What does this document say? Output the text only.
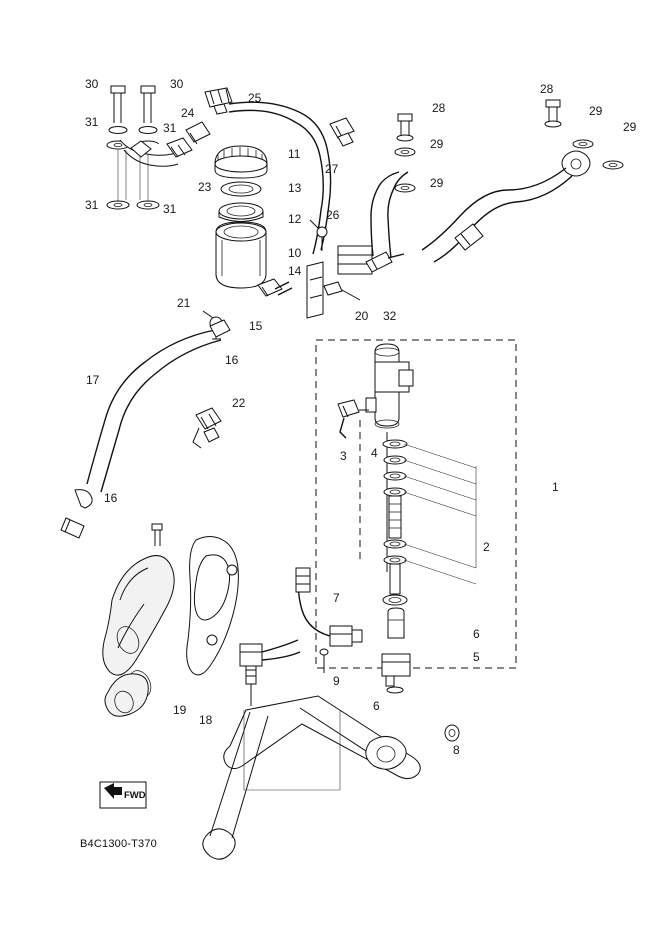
30	30
31	31
24
25
28
28
29
29
29
29
11
27
13
23
31	31
12 26
10
14
21
15
20 32
16
17
22
3 4
1
16
2
7
6
5
9
6
19
18
8
FWD
B4C1300-T370
